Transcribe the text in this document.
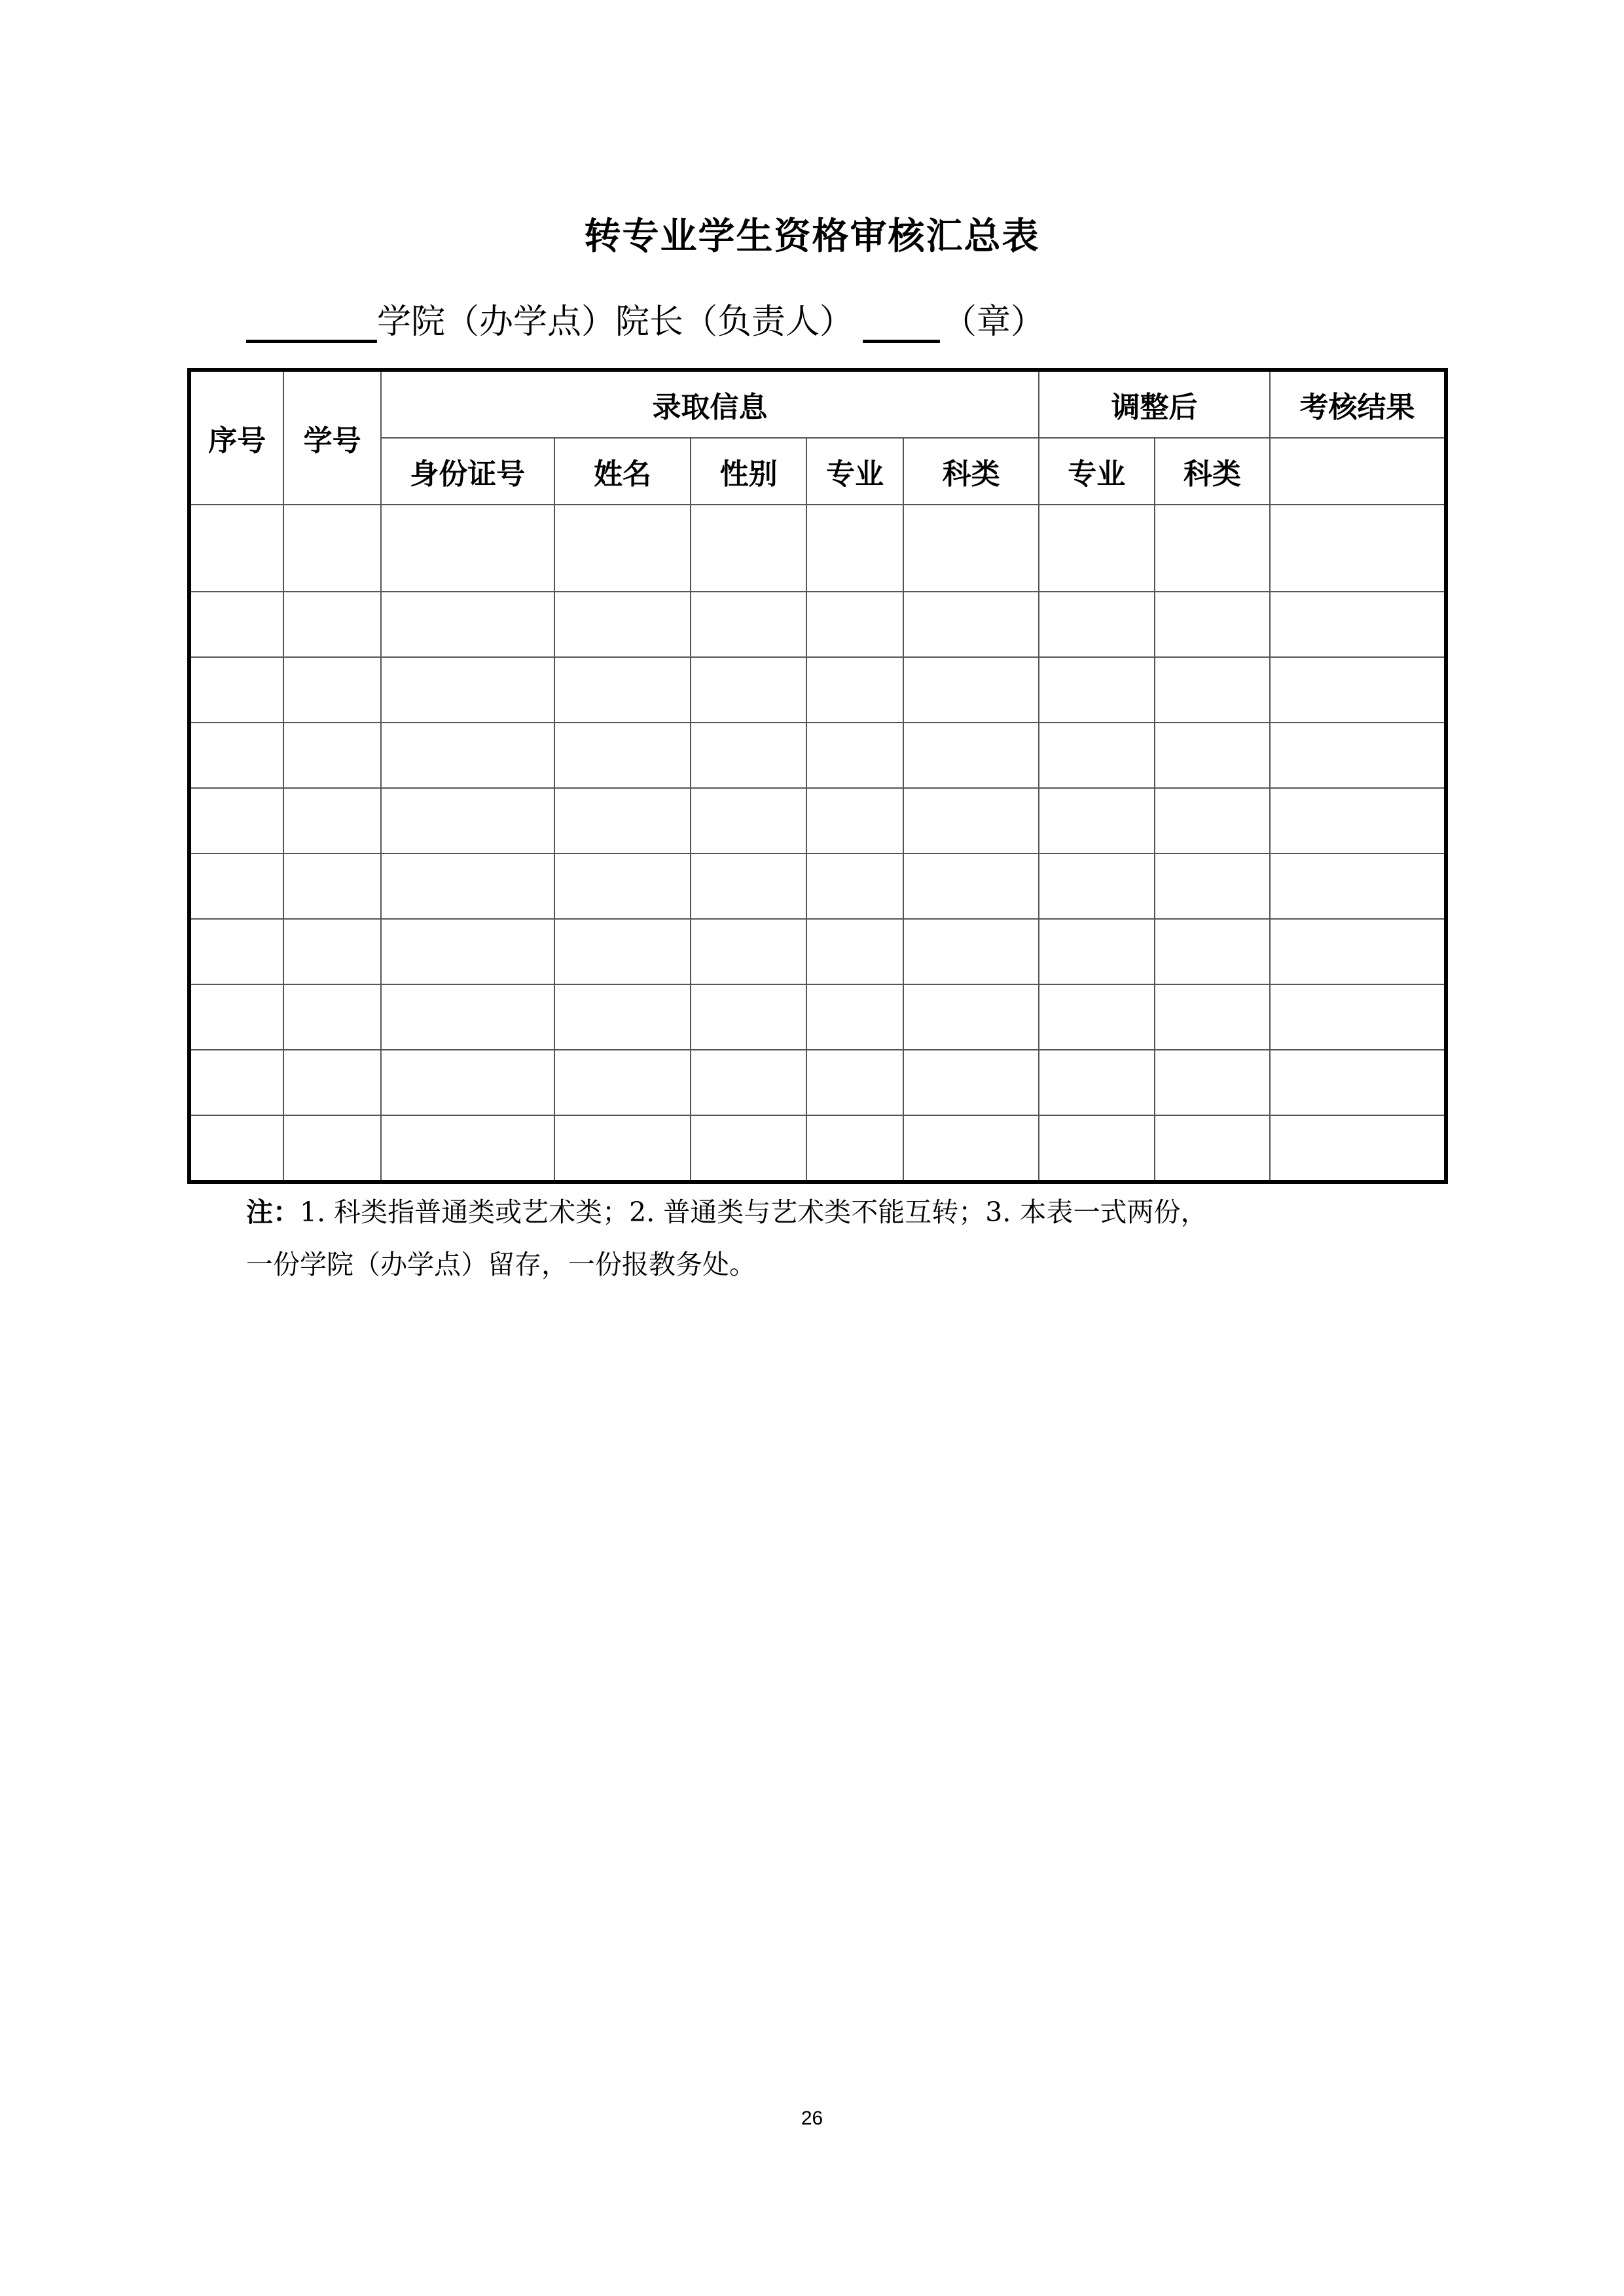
转专业学生资格审核汇总表
学院（办学点）院长（负责人）	（章）
序号	学号	录取信息					调整后		考核结果
		身份证号	姓名	性别	专业	科类	专业	科类	

注：1. 科类指普通类或艺术类；2. 普通类与艺术类不能互转；3. 本表一式两份，
一份学院（办学点）留存，一份报教务处。
26
